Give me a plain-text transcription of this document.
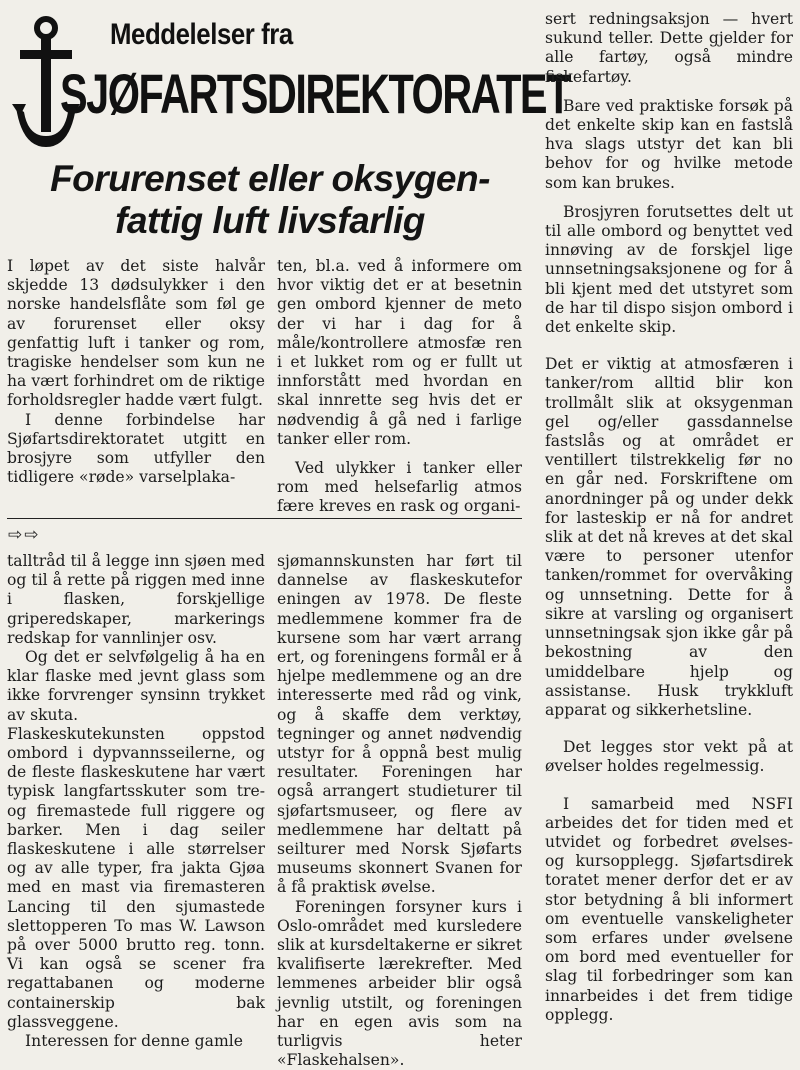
Meddelelser fra
SJØFARTSDIREKTORATET
Forurenset eller oksygen-fattig luft livsfarlig

I løpet av det siste halvår skjedde 13 dødsulykker i den norske handelsflåte som føl ge av forurenset eller oksy genfattig luft i tanker og rom, tragiske hendelser som kun ne ha vært forhindret om de riktige forholdsregler hadde vært fulgt.

I denne forbindelse har Sjøfartsdirektoratet utgitt en brosjyre som utfyller den tidligere «røde» varselplaka-

ten, bl.a. ved å informere om hvor viktig det er at besetnin gen ombord kjenner de meto der vi har i dag for å måle/kontrollere atmosfæ ren i et lukket rom og er fullt ut innforstått med hvordan en skal innrette seg hvis det er nødvendig å gå ned i farlige tanker eller rom.

Ved ulykker i tanker eller rom med helsefarlig atmos fære kreves en rask og organi-

sert redningsaksjon — hvert sukund teller. Dette gjelder for alle fartøy, også mindre fiskefartøy.

Bare ved praktiske forsøk på det enkelte skip kan en fastslå hva slags utstyr det kan bli behov for og hvilke metode som kan brukes.

Brosjyren forutsettes delt ut til alle ombord og benyttet ved innøving av de forskjel lige unnsetningsaksjonene og for å bli kjent med det utstyret som de har til dispo sisjon ombord i det enkelte skip.

Det er viktig at atmosfæren i tanker/rom alltid blir kon trollmålt slik at oksygenman gel og/eller gassdannelse fastslås og at området er ventillert tilstrekkelig før no en går ned. Forskriftene om anordninger på og under dekk for lasteskip er nå for andret slik at det nå kreves at det skal være to personer utenfor tanken/rommet for overvåking og unnsetning. Dette for å sikre at varsling og organisert unnsetningsak sjon ikke går på bekostning av den umiddelbare hjelp og assistanse. Husk trykkluft apparat og sikkerhetsline.

Det legges stor vekt på at øvelser holdes regelmessig.

I samarbeid med NSFI arbeides det for tiden med et utvidet og forbedret øvelses- og kursopplegg. Sjøfartsdirek toratet mener derfor det er av stor betydning å bli informert om eventuelle vanskeligheter som erfares under øvelsene om bord med eventueller for slag til forbedringer som kan innarbeides i det frem tidige opplegg.

⇨⇨

talltråd til å legge inn sjøen med og til å rette på riggen med inne i flasken, forskjellige griperedskaper, markerings redskap for vannlinjer osv.

Og det er selvfølgelig å ha en klar flaske med jevnt glass som ikke forvrenger synsinn trykket av skuta.

Flaskeskutekunsten oppstod ombord i dypvannsseilerne, og de fleste flaskeskutene har vært typisk langfartsskuter som tre- og firemastede full riggere og barker. Men i dag seiler flaskeskutene i alle størrelser og av alle typer, fra jakta Gjøa med en mast via firemasteren Lancing til den sjumastede slettopperen To mas W. Lawson på over 5000 brutto reg. tonn. Vi kan også se scener fra regattabanen og moderne containerskip bak glassveggene.

Interessen for denne gamle

sjømannskunsten har ført til dannelse av flaskeskutefor eningen av 1978. De fleste medlemmene kommer fra de kursene som har vært arrang ert, og foreningens formål er å hjelpe medlemmene og an dre interesserte med råd og vink, og å skaffe dem verktøy, tegninger og annet nødvendig utstyr for å oppnå best mulig resultater. Foreningen har også arrangert studieturer til sjøfartsmuseer, og flere av medlemmene har deltatt på seilturer med Norsk Sjøfarts museums skonnert Svanen for å få praktisk øvelse.

Foreningen forsyner kurs i Oslo-området med kursledere slik at kursdeltakerne er sikret kvalifiserte lærekrefter. Med lemmenes arbeider blir også jevnlig utstilt, og foreningen har en egen avis som na turligvis heter «Flaskehalsen».
